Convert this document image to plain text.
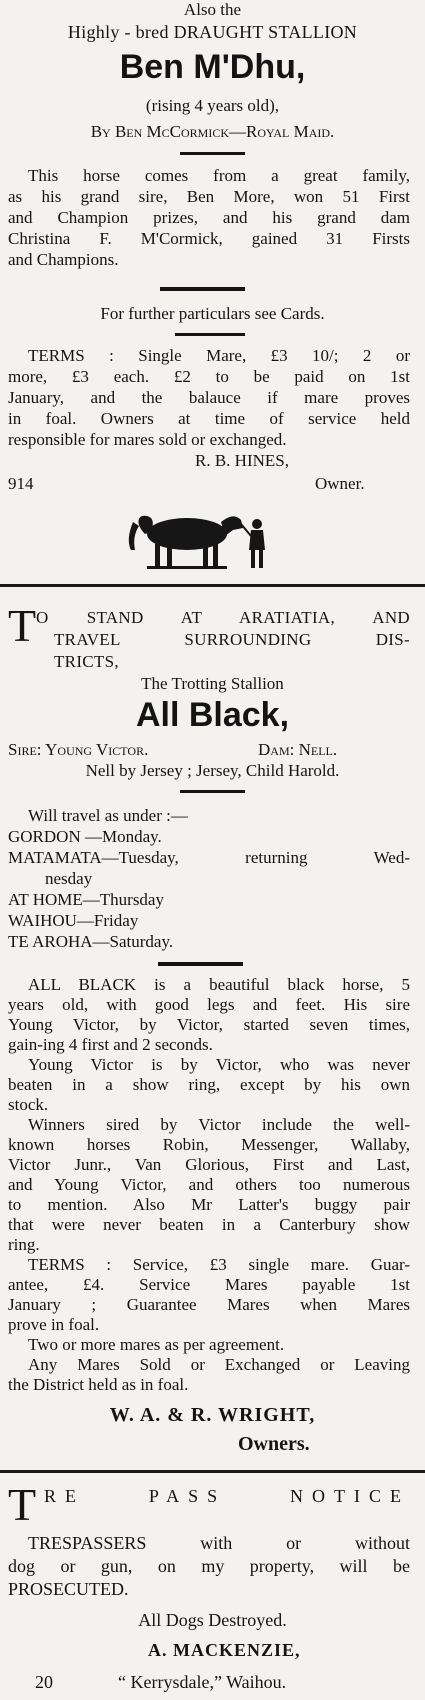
Also the
Highly - bred DRAUGHT STALLION
Ben M'Dhu,
(rising 4 years old),
By Ben McCormick—Royal Maid.
This horse comes from a great family,
as his grand sire, Ben More, won 51 First
and Champion prizes, and his grand dam
Christina F. M'Cormick, gained 31 Firsts
and Champions.
For further particulars see Cards.
TERMS : Single Mare, £3 10/; 2 or
more, £3 each. £2 to be paid on 1st
January, and the balauce if mare proves
in foal. Owners at time of service held
responsible for mares sold or exchanged.
R. B. HINES,
914	Owner.
T O STAND AT ARATIATIA, AND
TRAVEL SURROUNDING DIS-
TRICTS,
The Trotting Stallion
All Black,
Sire: Young Victor.	Dam: Nell.
Nell by Jersey ; Jersey, Child Harold.
Will travel as under :—
GORDON —Monday.
MATAMATA—Tuesday, returning Wed-
nesday
AT HOME—Thursday
WAIHOU—Friday
TE AROHA—Saturday.
ALL BLACK is a beautiful black horse, 5
years old, with good legs and feet. His sire
Young Victor, by Victor, started seven times,
gain-ing 4 first and 2 seconds.
Young Victor is by Victor, who was never
beaten in a show ring, except by his own
stock.
Winners sired by Victor include the well-
known horses Robin, Messenger, Wallaby,
Victor Junr., Van Glorious, First and Last,
and Young Victor, and others too numerous
to mention. Also Mr Latter's buggy pair
that were never beaten in a Canterbury show
ring.
TERMS : Service, £3 single mare. Guar-
antee, £4. Service Mares payable 1st
January ; Guarantee Mares when Mares
prove in foal.
Two or more mares as per agreement.
Any Mares Sold or Exchanged or Leaving
the District held as in foal.
W. A. & R. WRIGHT,
Owners.
T RE PASS NOTICE
TRESPASSERS with or without
dog or gun, on my property, will be
PROSECUTED.
All Dogs Destroyed.
A. MACKENZIE,
20	“ Kerrysdale,” Waihou.
